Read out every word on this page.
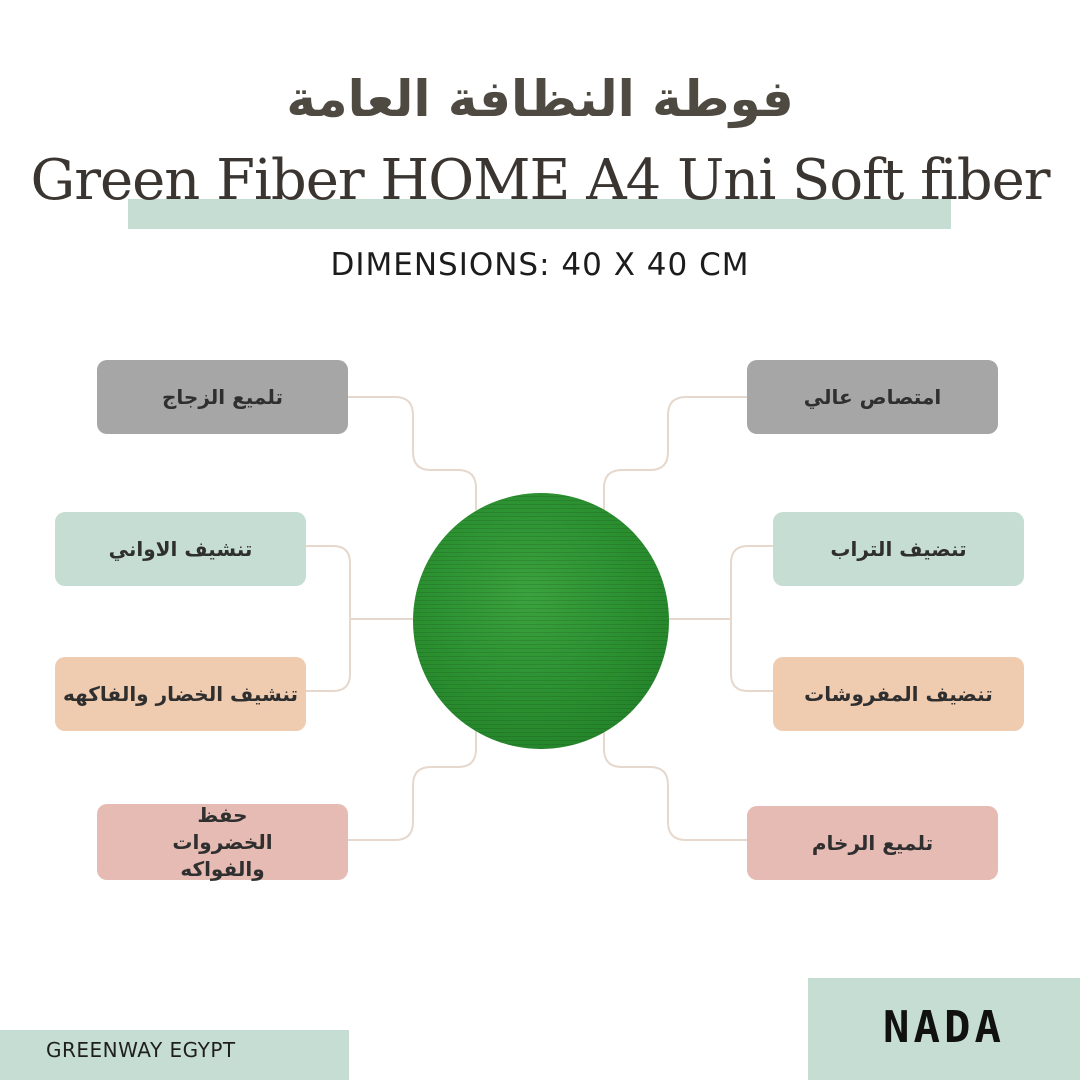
فوطة النظافة العامة
Green Fiber HOME A4 Uni Soft fiber
DIMENSIONS: 40 X 40 CM
تلميع الزجاج
تنشيف الاواني
تنشيف الخضار والفاكهه
حفظ الخضروات والفواكه
امتصاص عالي
تنضيف التراب
تنضيف المفروشات
تلميع الرخام
GREENWAY EGYPT	NADA
